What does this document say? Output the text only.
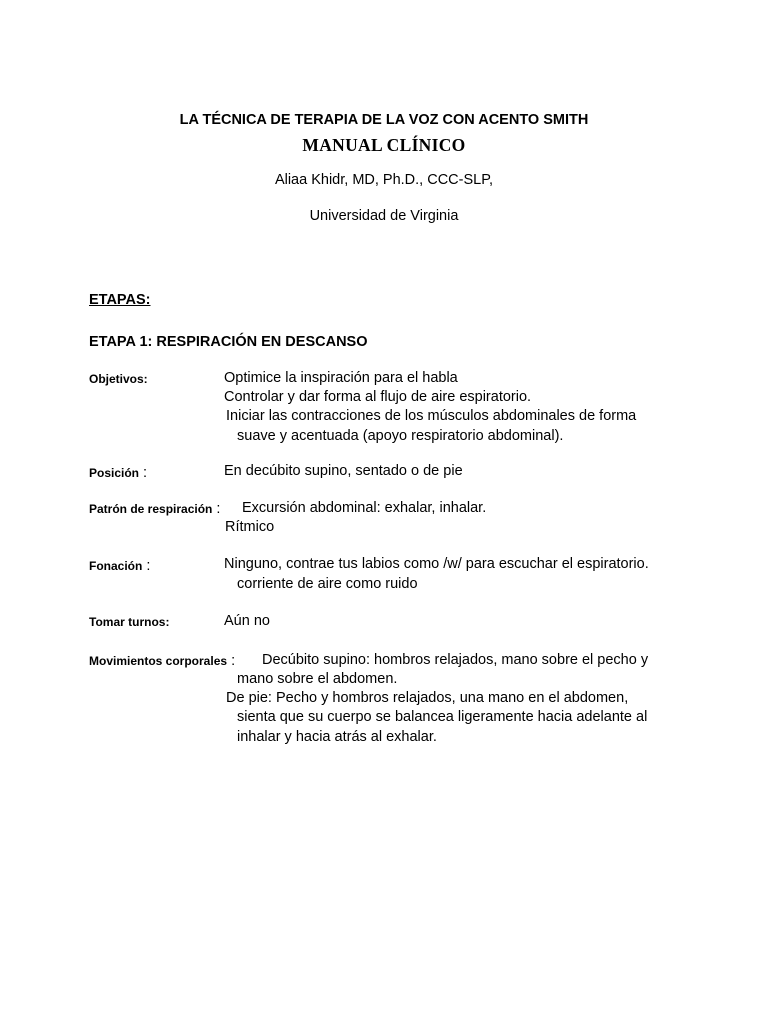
LA TÉCNICA DE TERAPIA DE LA VOZ CON ACENTO SMITH
MANUAL CLÍNICO
Aliaa Khidr, MD, Ph.D., CCC-SLP,
Universidad de Virginia
ETAPAS:
ETAPA 1: RESPIRACIÓN EN DESCANSO
Objetivos:	Optimice la inspiración para el habla
Controlar y dar forma al flujo de aire espiratorio.
Iniciar las contracciones de los músculos abdominales de forma
suave y acentuada (apoyo respiratorio abdominal).
Posición :	En decúbito supino, sentado o de pie
Patrón de respiración : Excursión abdominal: exhalar, inhalar.
Rítmico
Fonación :	Ninguno, contrae tus labios como /w/ para escuchar el espiratorio.
corriente de aire como ruido
Tomar turnos:	Aún no
Movimientos corporales : Decúbito supino: hombros relajados, mano sobre el pecho y
mano sobre el abdomen.
De pie: Pecho y hombros relajados, una mano en el abdomen,
sienta que su cuerpo se balancea ligeramente hacia adelante al
inhalar y hacia atrás al exhalar.
